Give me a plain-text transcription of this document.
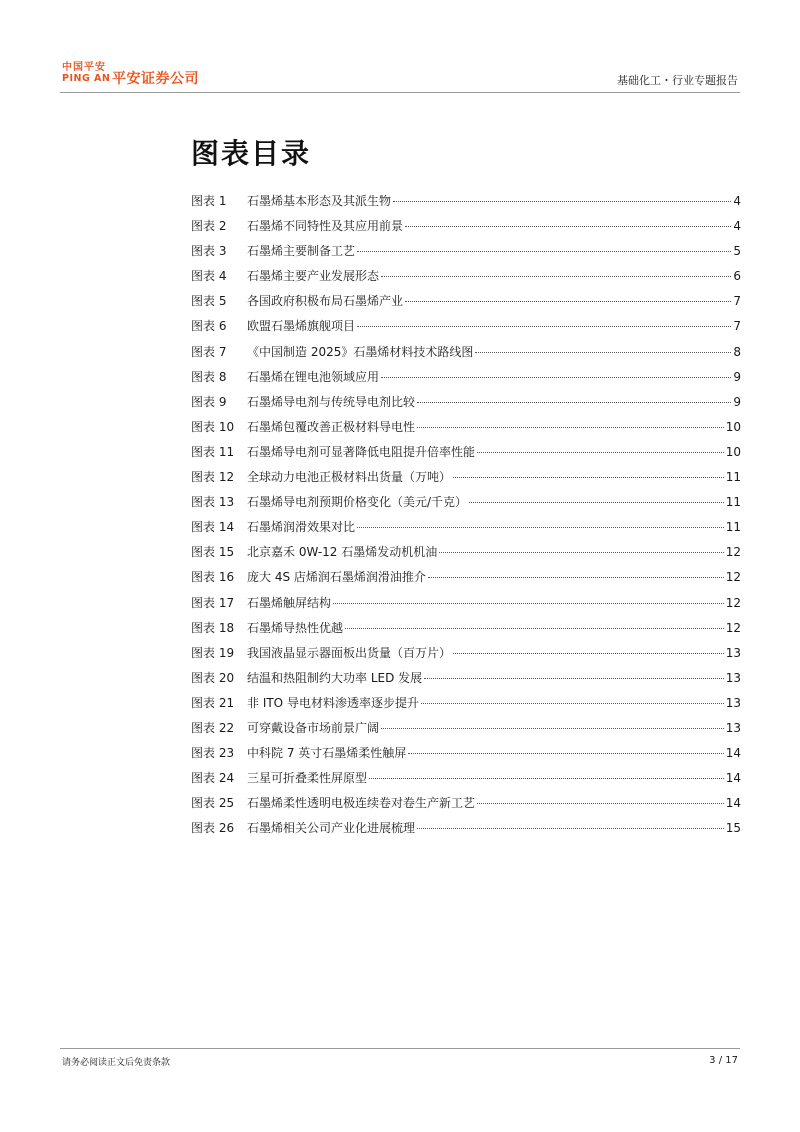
中国平安
PING AN 平安证券公司	基础化工・行业专题报告
图表目录
图表 1	石墨烯基本形态及其派生物	4
图表 2	石墨烯不同特性及其应用前景	4
图表 3	石墨烯主要制备工艺	5
图表 4	石墨烯主要产业发展形态	6
图表 5	各国政府积极布局石墨烯产业	7
图表 6	欧盟石墨烯旗舰项目	7
图表 7	《中国制造 2025》石墨烯材料技术路线图	8
图表 8	石墨烯在锂电池领域应用	9
图表 9	石墨烯导电剂与传统导电剂比较	9
图表 10	石墨烯包覆改善正极材料导电性	10
图表 11	石墨烯导电剂可显著降低电阻提升倍率性能	10
图表 12	全球动力电池正极材料出货量（万吨）	11
图表 13	石墨烯导电剂预期价格变化（美元/千克）	11
图表 14	石墨烯润滑效果对比	11
图表 15	北京嘉禾 0W-12 石墨烯发动机机油	12
图表 16	庞大 4S 店烯润石墨烯润滑油推介	12
图表 17	石墨烯触屏结构	12
图表 18	石墨烯导热性优越	12
图表 19	我国液晶显示器面板出货量（百万片）	13
图表 20	结温和热阻制约大功率 LED 发展	13
图表 21	非 ITO 导电材料渗透率逐步提升	13
图表 22	可穿戴设备市场前景广阔	13
图表 23	中科院 7 英寸石墨烯柔性触屏	14
图表 24	三星可折叠柔性屏原型	14
图表 25	石墨烯柔性透明电极连续卷对卷生产新工艺	14
图表 26	石墨烯相关公司产业化进展梳理	15
请务必阅读正文后免责条款	3 / 17
